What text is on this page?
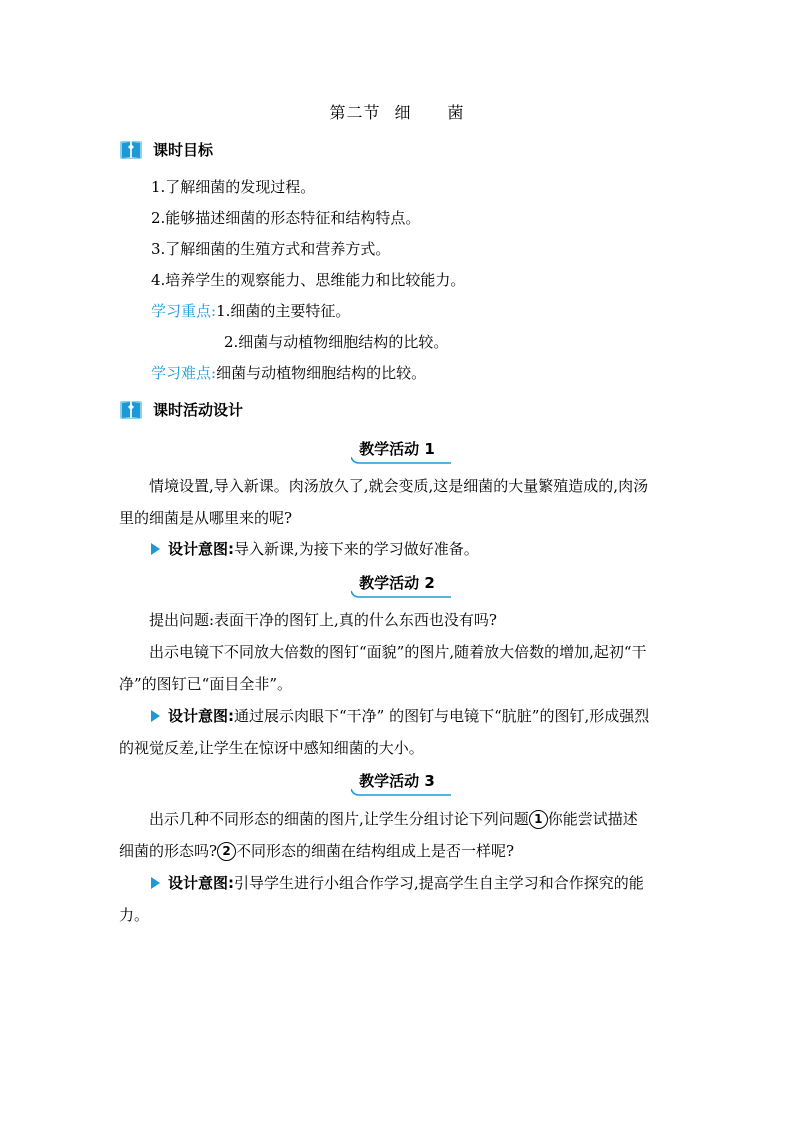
第二节 细 菌
课时目标
1.了解细菌的发现过程。
2.能够描述细菌的形态特征和结构特点。
3.了解细菌的生殖方式和营养方式。
4.培养学生的观察能力、思维能力和比较能力。
学习重点:1.细菌的主要特征。
2.细菌与动植物细胞结构的比较。
学习难点:细菌与动植物细胞结构的比较。
课时活动设计
教学活动 1

情境设置,导入新课。肉汤放久了,就会变质,这是细菌的大量繁殖造成的,肉汤

里的细菌是从哪里来的呢?

设计意图:导入新课,为接下来的学习做好准备。
教学活动 2

提出问题:表面干净的图钉上,真的什么东西也没有吗?

出示电镜下不同放大倍数的图钉“面貌”的图片,随着放大倍数的增加,起初“干

净”的图钉已“面目全非”。

设计意图:通过展示肉眼下“干净” 的图钉与电镜下“肮脏”的图钉,形成强烈

的视觉反差,让学生在惊讶中感知细菌的大小。

教学活动 3

出示几种不同形态的细菌的图片,让学生分组讨论下列问题 1 你能尝试描述

细菌的形态吗? 2 不同形态的细菌在结构组成上是否一样呢?

设计意图:引导学生进行小组合作学习,提高学生自主学习和合作探究的能

力。
